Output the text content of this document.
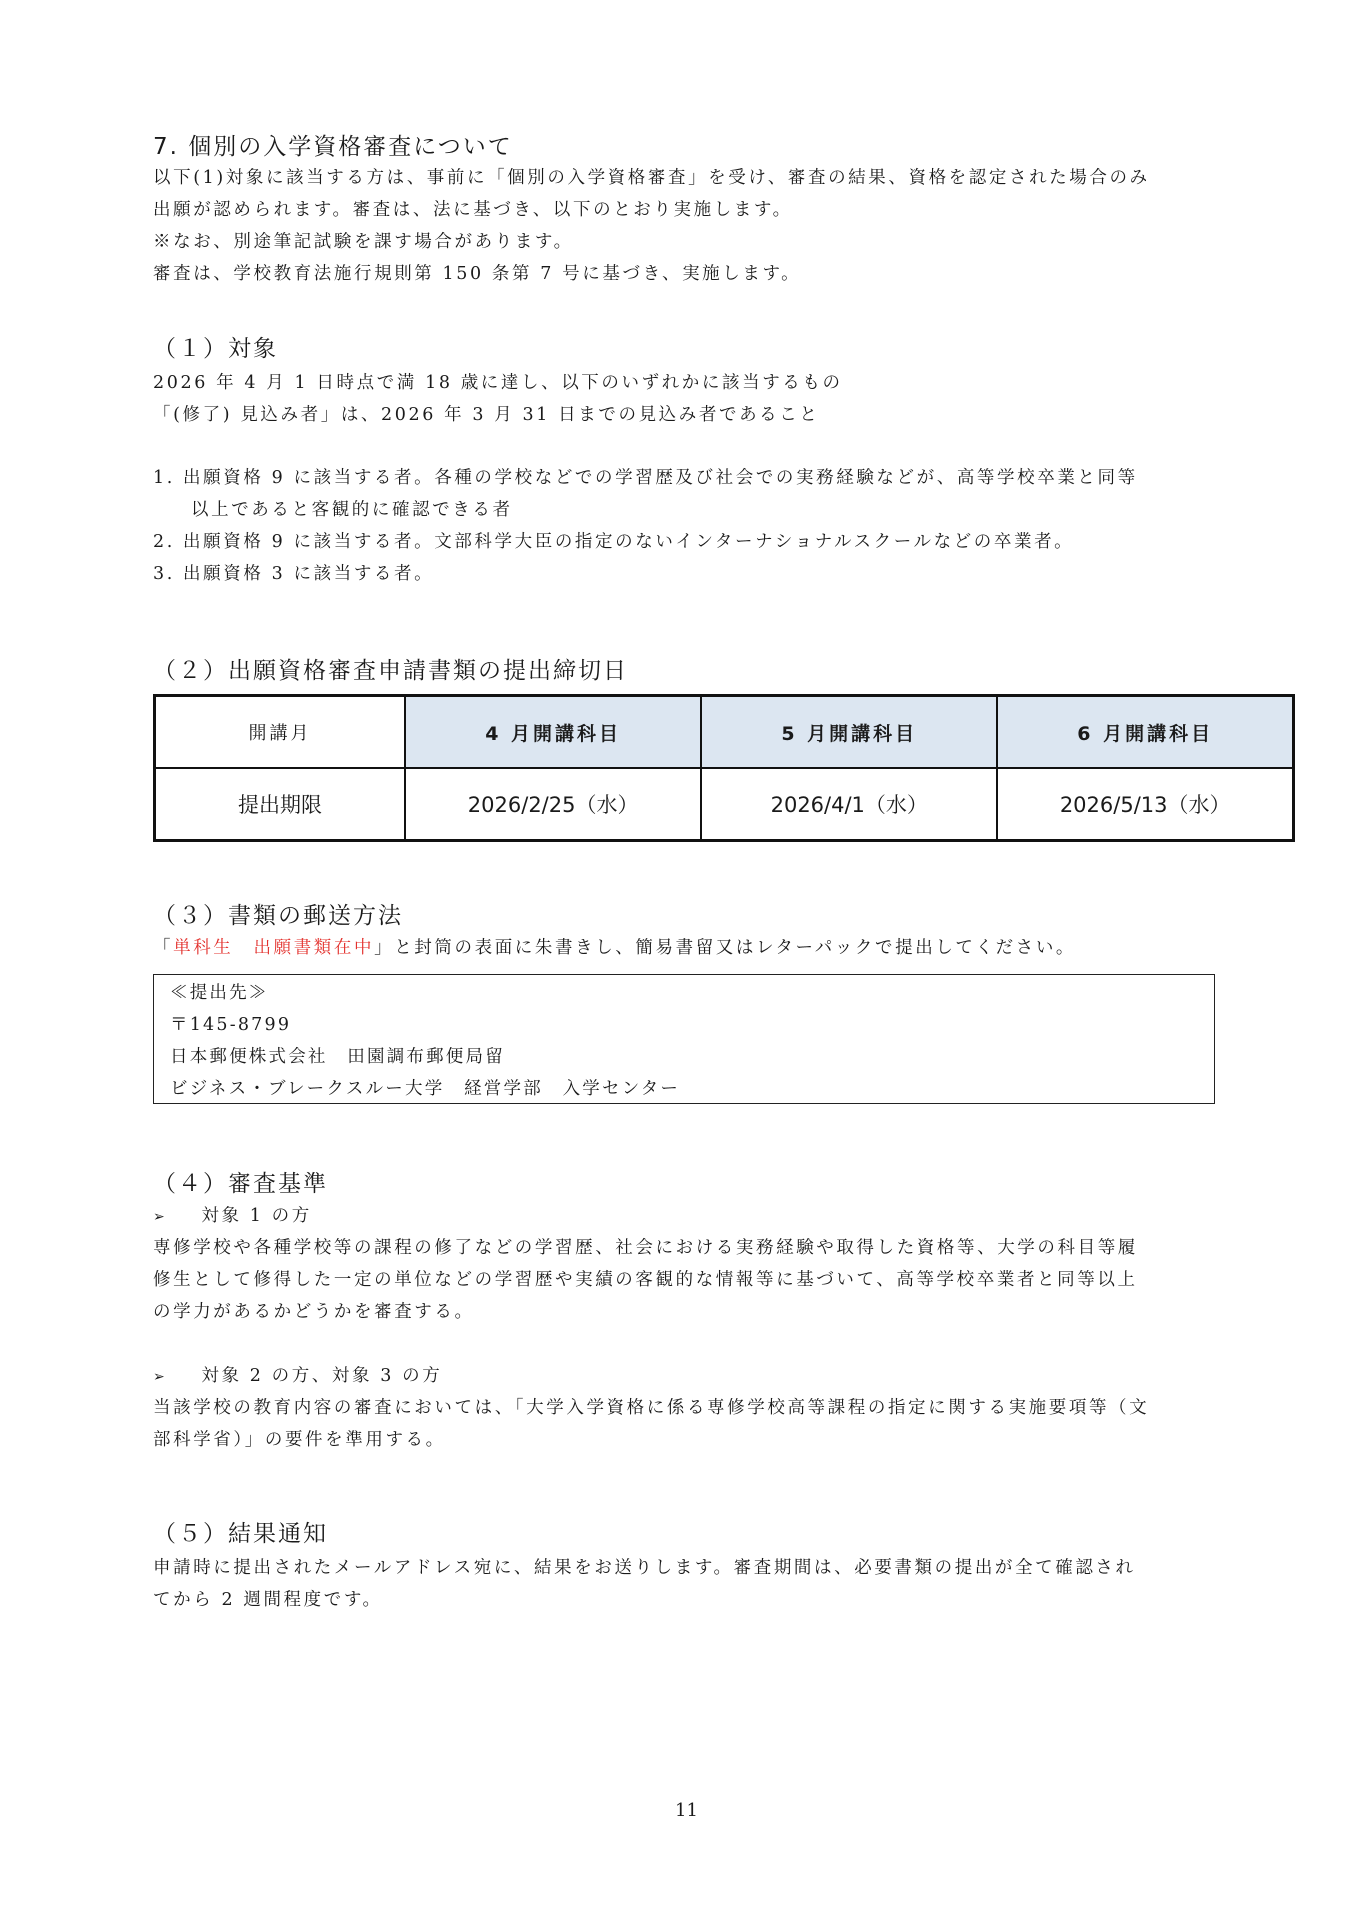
7. 個別の入学資格審査について
以下(1)対象に該当する方は、事前に「個別の入学資格審査」を受け、審査の結果、資格を認定された場合のみ
出願が認められます。審査は、法に基づき、以下のとおり実施します。
※なお、別途筆記試験を課す場合があります。
審査は、学校教育法施行規則第 150 条第 7 号に基づき、実施します。
（１）対象
2026 年 4 月 1 日時点で満 18 歳に達し、以下のいずれかに該当するもの
「(修了) 見込み者」は、2026 年 3 月 31 日までの見込み者であること
1. 出願資格 9 に該当する者。各種の学校などでの学習歴及び社会での実務経験などが、高等学校卒業と同等
以上であると客観的に確認できる者
2. 出願資格 9 に該当する者。文部科学大臣の指定のないインターナショナルスクールなどの卒業者。
3. 出願資格 3 に該当する者。
（２）出願資格審査申請書類の提出締切日
開講月	4 月開講科目	5 月開講科目	6 月開講科目
提出期限	2026/2/25（水）	2026/4/1（水）	2026/5/13（水）
（３）書類の郵送方法
「単科生　出願書類在中」と封筒の表面に朱書きし、簡易書留又はレターパックで提出してください。
≪提出先≫
〒145-8799
日本郵便株式会社　田園調布郵便局留
ビジネス・ブレークスルー大学　経営学部　入学センター
（４）審査基準
➢ 対象 1 の方
専修学校や各種学校等の課程の修了などの学習歴、社会における実務経験や取得した資格等、大学の科目等履
修生として修得した一定の単位などの学習歴や実績の客観的な情報等に基づいて、高等学校卒業者と同等以上
の学力があるかどうかを審査する。
➢ 対象 2 の方、対象 3 の方
当該学校の教育内容の審査においては、「大学入学資格に係る専修学校高等課程の指定に関する実施要項等（文
部科学省）」の要件を準用する。
（５）結果通知
申請時に提出されたメールアドレス宛に、結果をお送りします。審査期間は、必要書類の提出が全て確認され
てから 2 週間程度です。
11
